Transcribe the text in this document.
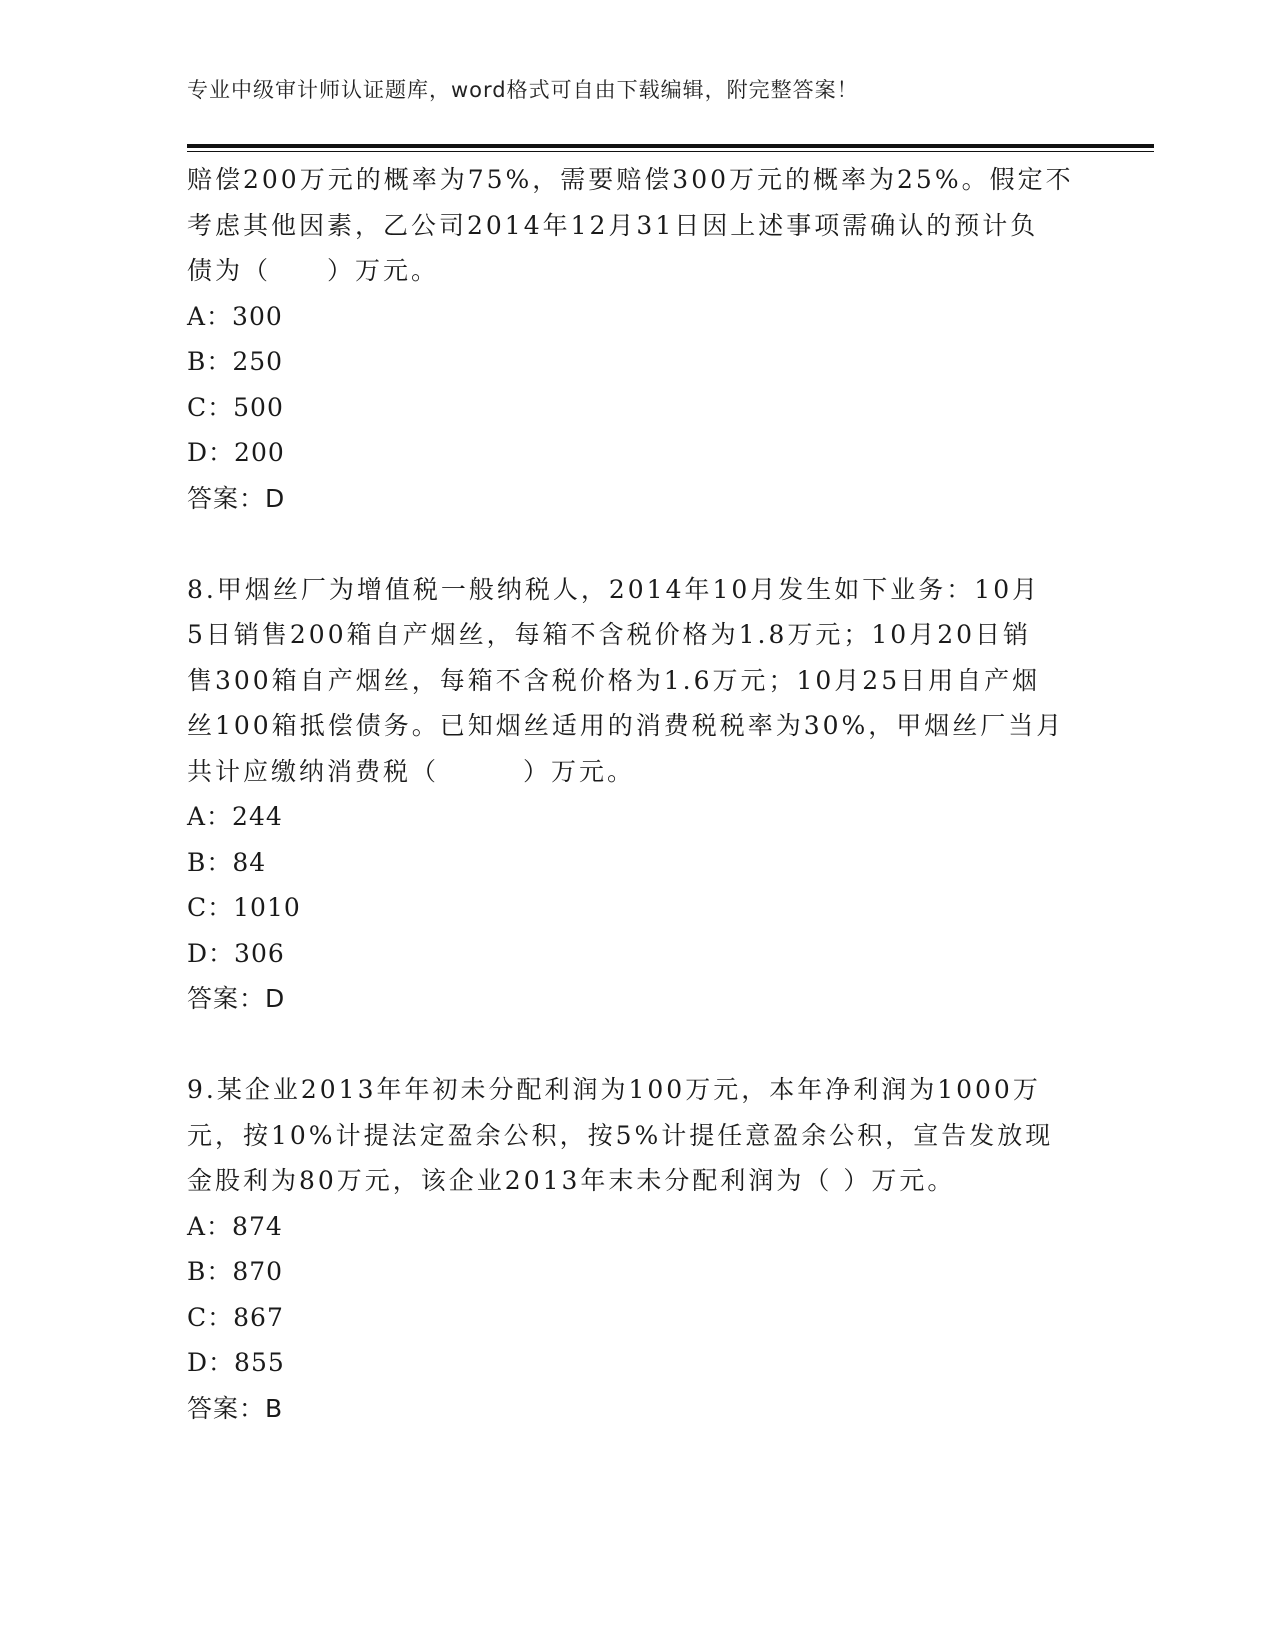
专业中级审计师认证题库，word格式可自由下载编辑，附完整答案！
赔偿200万元的概率为75%，需要赔偿300万元的概率为25%。假定不
考虑其他因素，乙公司2014年12月31日因上述事项需确认的预计负
债为（　　）万元。
A：300
B：250
C：500
D：200
答案：D
8.甲烟丝厂为增值税一般纳税人，2014年10月发生如下业务：10月
5日销售200箱自产烟丝，每箱不含税价格为1.8万元；10月20日销
售300箱自产烟丝，每箱不含税价格为1.6万元；10月25日用自产烟
丝100箱抵偿债务。已知烟丝适用的消费税税率为30%，甲烟丝厂当月
共计应缴纳消费税（　　　）万元。
A：244
B：84
C：1010
D：306
答案：D
9.某企业2013年年初未分配利润为100万元，本年净利润为1000万
元，按10%计提法定盈余公积，按5%计提任意盈余公积，宣告发放现
金股利为80万元，该企业2013年末未分配利润为（ ）万元。
A：874
B：870
C：867
D：855
答案：B
